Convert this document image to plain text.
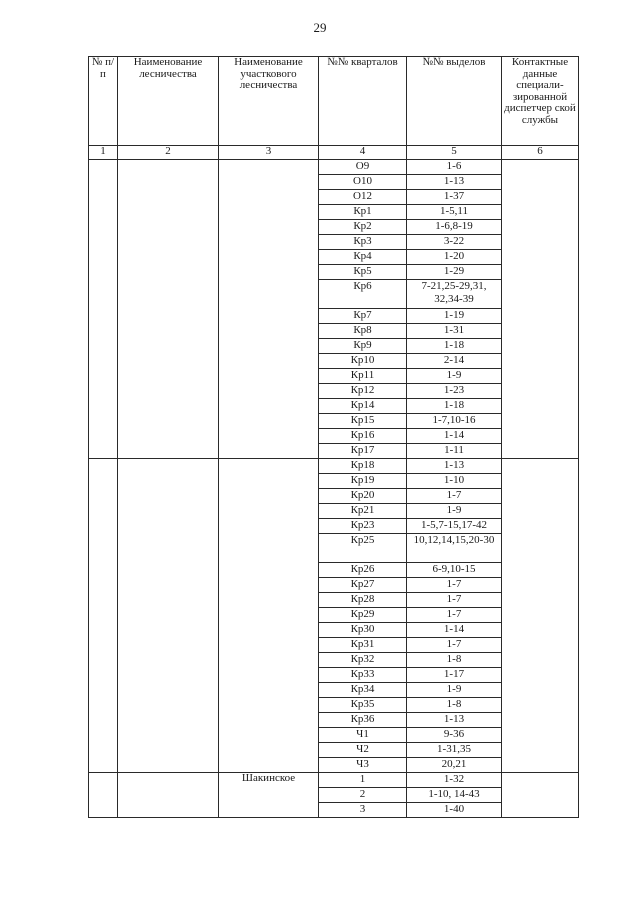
29
№ п/п	Наименование лесничества	Наименование участкового лесничества	№№ кварталов	№№ выделов	Контактные данные специали-зированной диспетчер ской службы
1	2	3	4	5	6
			О9	1-6	
			О10	1-13	
			О12	1-37	
			Кр1	1-5,11	
			Кр2	1-6,8-19	
			Кр3	3-22	
			Кр4	1-20	
			Кр5	1-29	
			Кр6	7-21,25-29,31, 32,34-39	
			Кр7	1-19	
			Кр8	1-31	
			Кр9	1-18	
			Кр10	2-14	
			Кр11	1-9	
			Кр12	1-23	
			Кр14	1-18	
			Кр15	1-7,10-16	
			Кр16	1-14	
			Кр17	1-11	
			Кр18	1-13	
			Кр19	1-10	
			Кр20	1-7	
			Кр21	1-9	
			Кр23	1-5,7-15,17-42	
			Кр25	10,12,14,15,20-30	
			Кр26	6-9,10-15	
			Кр27	1-7	
			Кр28	1-7	
			Кр29	1-7	
			Кр30	1-14	
			Кр31	1-7	
			Кр32	1-8	
			Кр33	1-17	
			Кр34	1-9	
			Кр35	1-8	
			Кр36	1-13	
			Ч1	9-36	
			Ч2	1-31,35	
			Ч3	20,21	
		Шакинское	1	1-32	
			2	1-10, 14-43	
			3	1-40	
